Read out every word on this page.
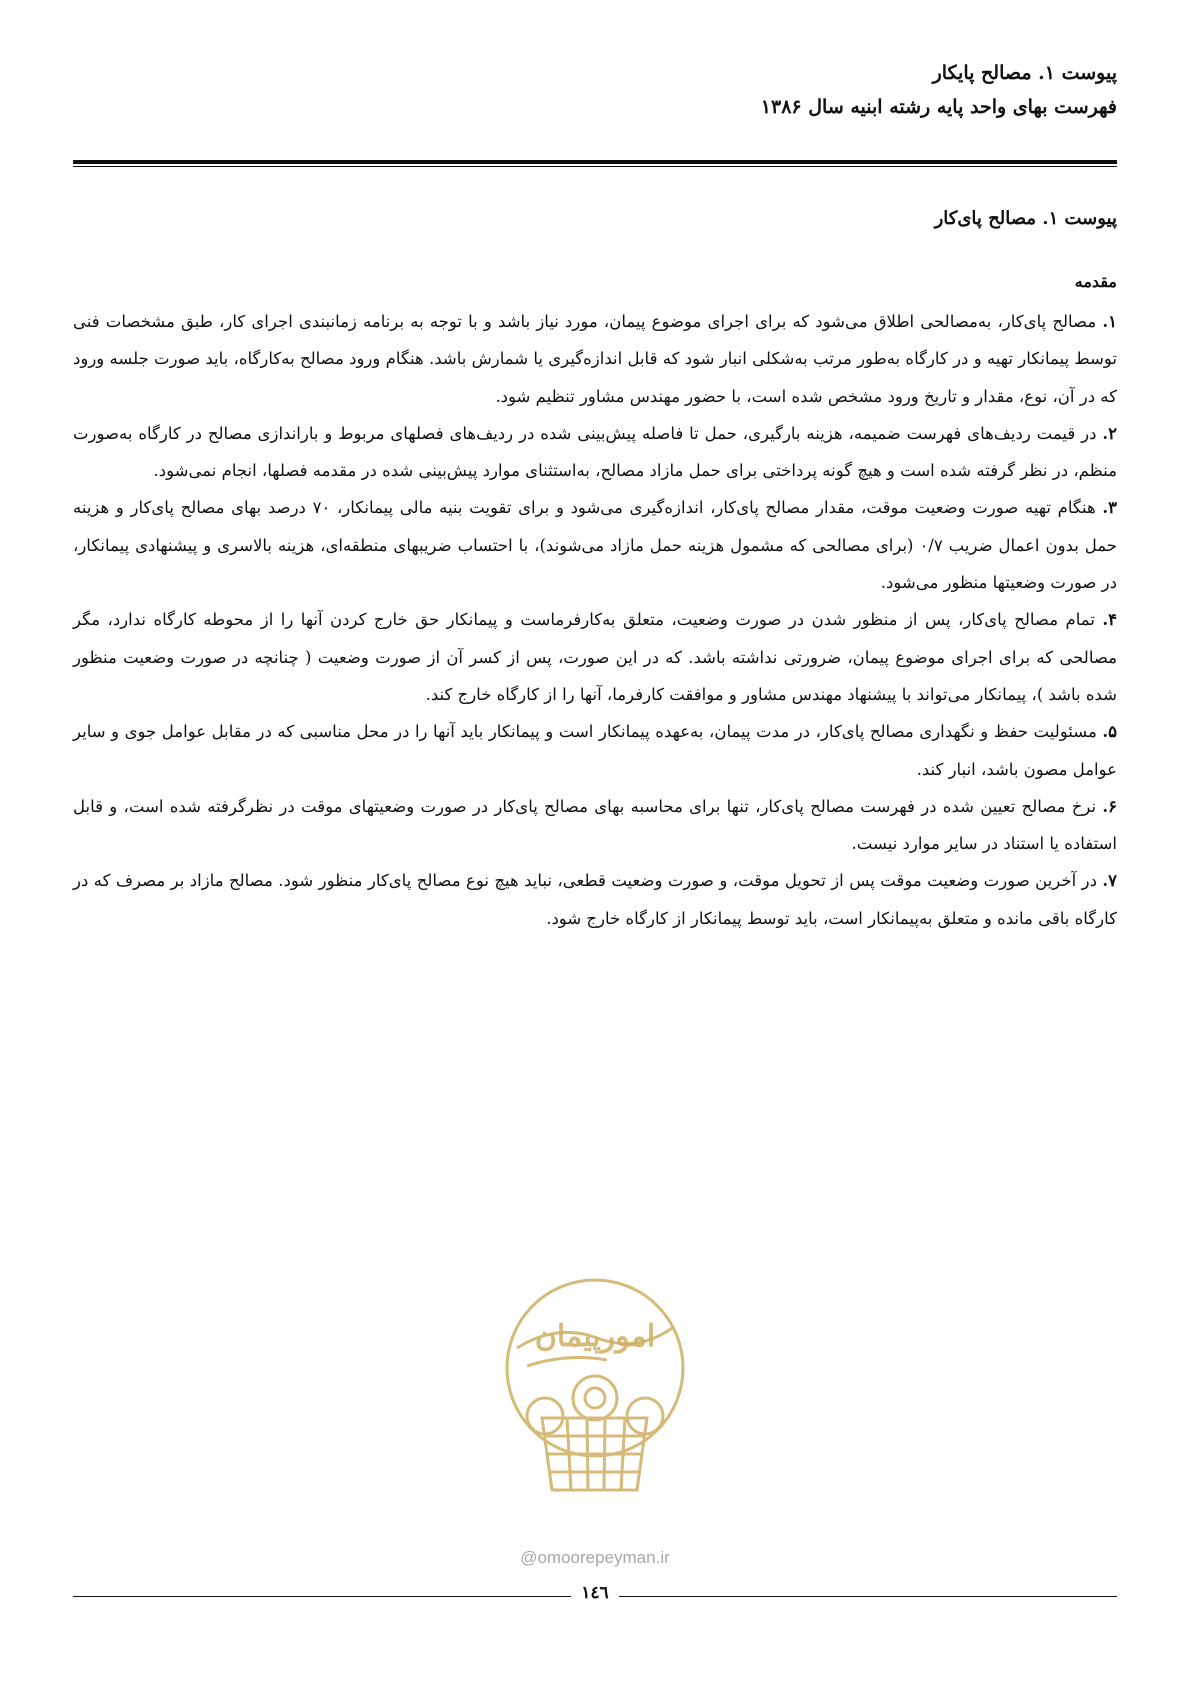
پیوست ۱. مصالح پایکار
فهرست بهای واحد پایه رشته ابنیه سال ۱۳۸۶
پیوست ۱. مصالح پای‌کار
مقدمه

۱. مصالح پای‌کار، به‌مصالحی اطلاق می‌شود که برای اجرای موضوع پیمان، مورد نیاز باشد و با توجه به برنامه زمانبندی اجرای کار، طبق مشخصات فنی توسط پیمانکار تهیه و در کارگاه به‌طور مرتب به‌شکلی انبار شود که قابل اندازه‌گیری یا شمارش باشد. هنگام ورود مصالح به‌کارگاه، باید صورت جلسه ورود که در آن، نوع، مقدار و تاریخ ورود مشخص شده است، با حضور مهندس مشاور تنظیم شود.

۲. در قیمت ردیف‌های فهرست ضمیمه، هزینه بارگیری، حمل تا فاصله پیش‌بینی شده در ردیف‌های فصلهای مربوط و باراندازی مصالح در کارگاه به‌صورت منظم، در نظر گرفته شده است و هیچ گونه پرداختی برای حمل مازاد مصالح، به‌استثنای موارد پیش‌بینی شده در مقدمه فصلها، انجام نمی‌شود.

۳. هنگام تهیه صورت وضعیت موقت، مقدار مصالح پای‌کار، اندازه‌گیری می‌شود و برای تقویت بنیه مالی پیمانکار، ۷۰ درصد بهای مصالح پای‌کار و هزینه حمل بدون اعمال ضریب ۰/۷ (برای مصالحی که مشمول هزینه حمل مازاد می‌شوند)، با احتساب ضریبهای منطقه‌ای، هزینه بالاسری و پیشنهادی پیمانکار، در صورت وضعیتها منظور می‌شود.

۴. تمام مصالح پای‌کار، پس از منظور شدن در صورت وضعیت، متعلق به‌کارفرماست و پیمانکار حق خارج کردن آنها را از محوطه کارگاه ندارد، مگر مصالحی که برای اجرای موضوع پیمان، ضرورتی نداشته باشد. که در این صورت، پس از کسر آن از صورت وضعیت ( چنانچه در صورت وضعیت منظور شده باشد )، پیمانکار می‌تواند با پیشنهاد مهندس مشاور و موافقت کارفرما، آنها را از کارگاه خارج کند.

۵. مسئولیت حفظ و نگهداری مصالح پای‌کار، در مدت پیمان، به‌عهده پیمانکار است و پیمانکار باید آنها را در محل مناسبی که در مقابل عوامل جوی و سایر عوامل مصون باشد، انبار کند.

۶. نرخ مصالح تعیین شده در فهرست مصالح پای‌کار، تنها برای محاسبه بهای مصالح پای‌کار در صورت وضعیتهای موقت در نظرگرفته شده است، و قابل استفاده یا استناد در سایر موارد نیست.

۷. در آخرین صورت وضعیت موقت پس از تحویل موقت، و صورت وضعیت قطعی، نباید هیچ نوع مصالح پای‌کار منظور شود. مصالح مازاد بر مصرف که در کارگاه باقی مانده و متعلق به‌پیمانکار است، باید توسط پیمانکار از کارگاه خارج شود.

امورپیمان
@omoorepeyman.ir
١٤٦
